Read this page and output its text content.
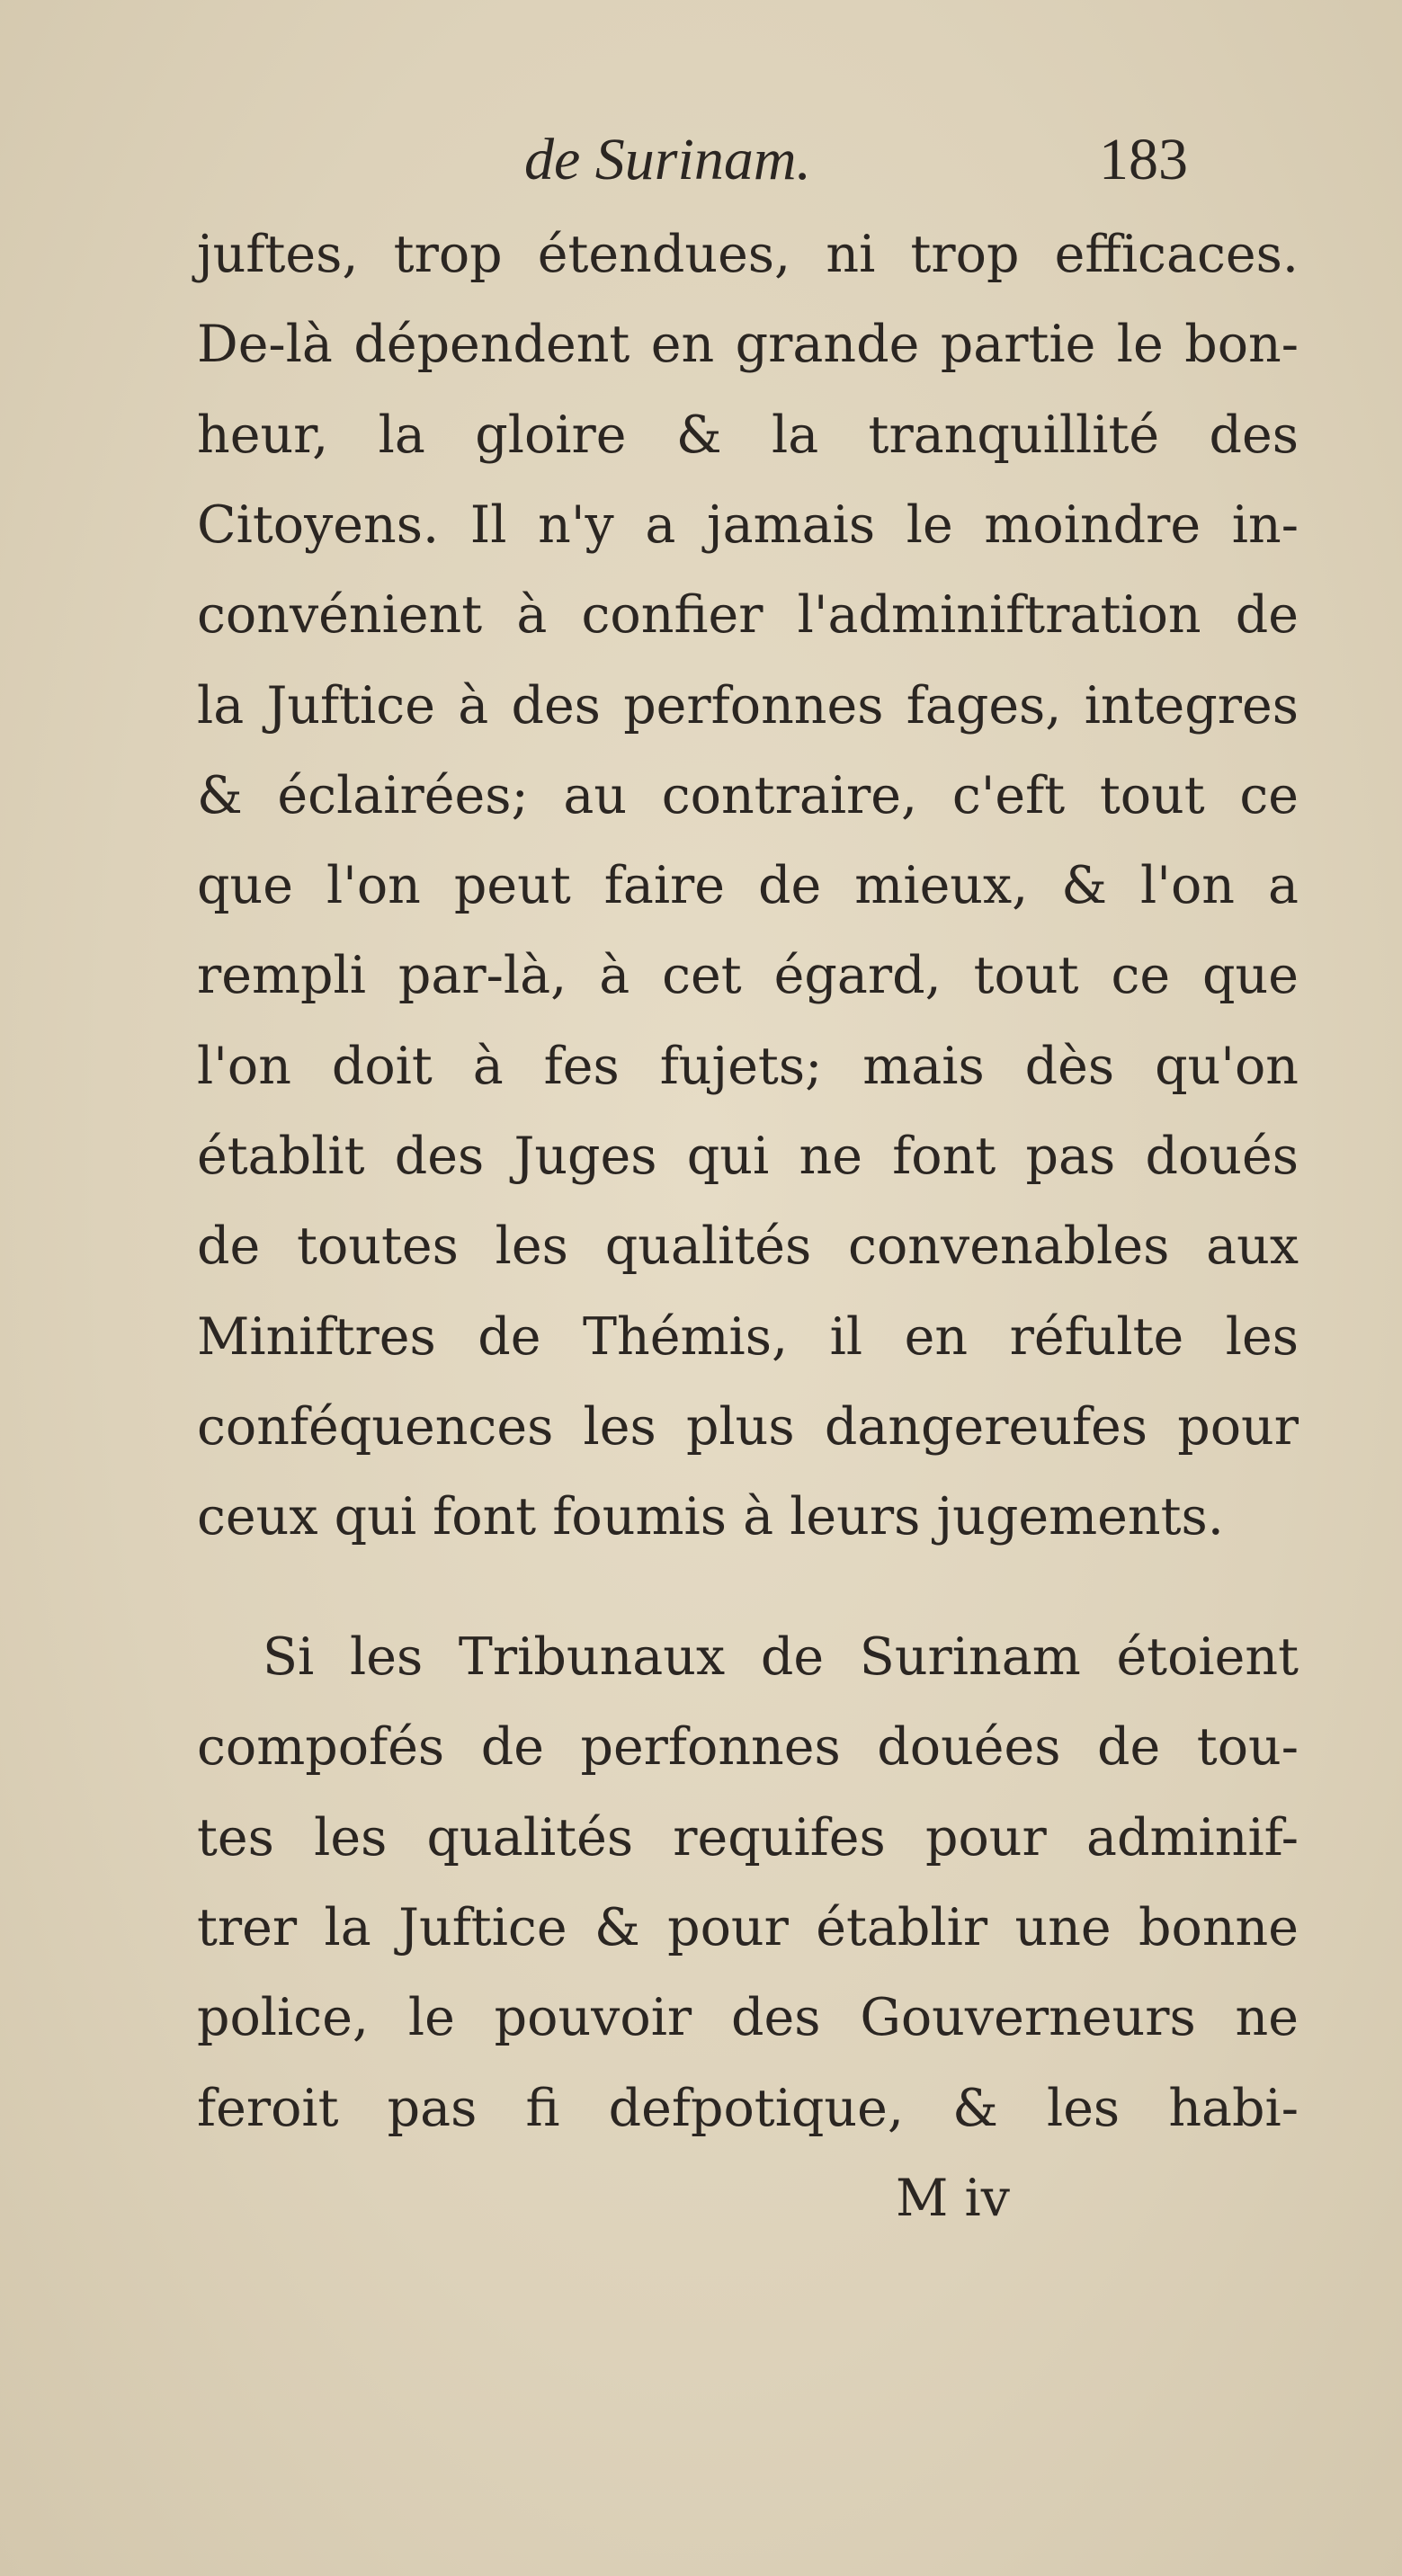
de Surinam.	183
juftes, trop étendues, ni trop efficaces.
De-là dépendent en grande partie le bon-
heur, la gloire & la tranquillité des
Citoyens. Il n'y a jamais le moindre in-
convénient à confier l'adminiftration de
la Juftice à des perfonnes fages, integres
& éclairées; au contraire, c'eft tout ce
que l'on peut faire de mieux, & l'on a
rempli par-là, à cet égard, tout ce que
l'on doit à fes fujets; mais dès qu'on
établit des Juges qui ne font pas doués
de toutes les qualités convenables aux
Miniftres de Thémis, il en réfulte les
conféquences les plus dangereufes pour
ceux qui font foumis à leurs jugements.
Si les Tribunaux de Surinam étoient
compofés de perfonnes douées de tou-
tes les qualités requifes pour adminif-
trer la Juftice & pour établir une bonne
police, le pouvoir des Gouverneurs ne
feroit pas fi defpotique, & les habi-
M iv
